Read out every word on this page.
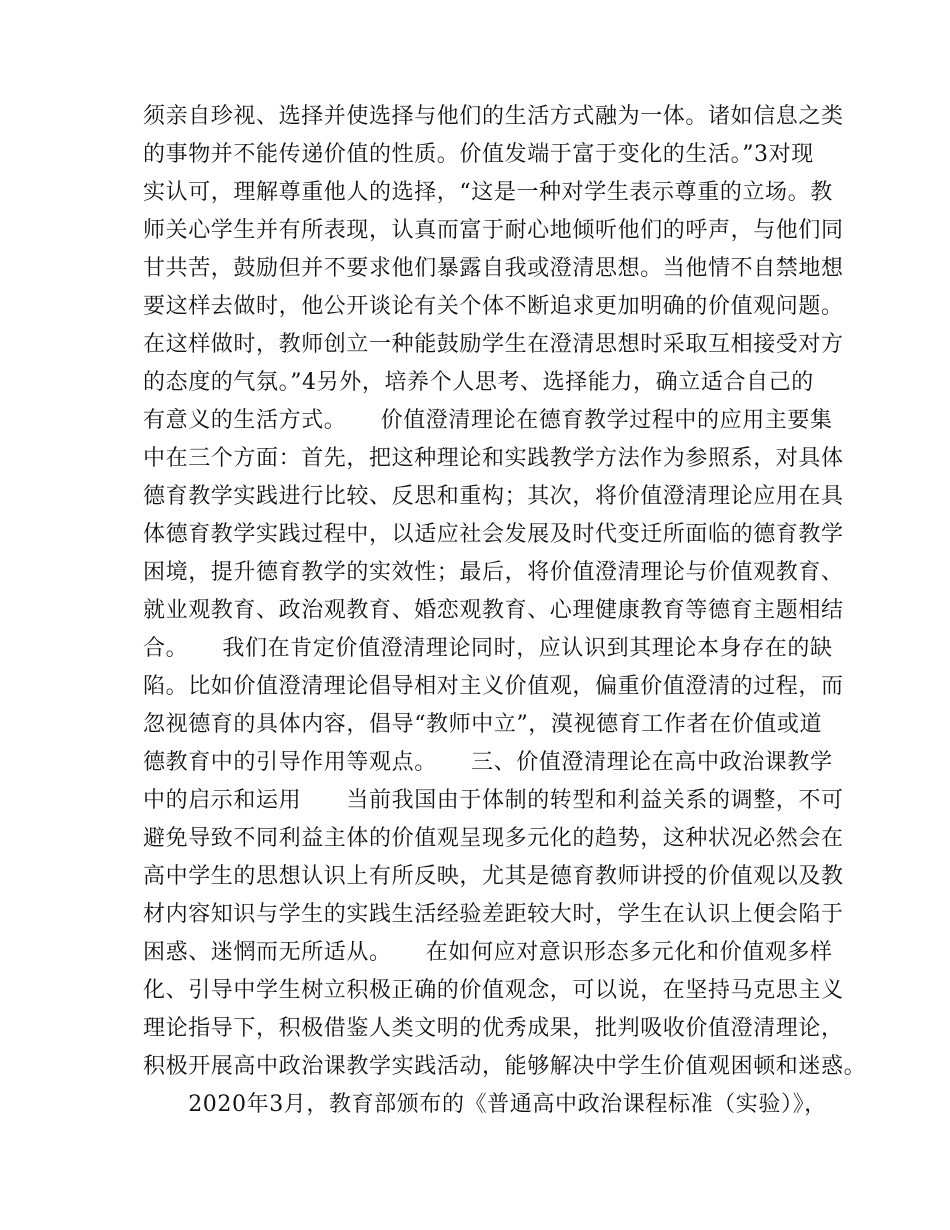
须亲自珍视、选择并使选择与他们的生活方式融为一体。诸如信息之类
的事物并不能传递价值的性质。价值发端于富于变化的生活。”3对现
实认可，理解尊重他人的选择，“这是一种对学生表示尊重的立场。教
师关心学生并有所表现，认真而富于耐心地倾听他们的呼声，与他们同
甘共苦，鼓励但并不要求他们暴露自我或澄清思想。当他情不自禁地想
要这样去做时，他公开谈论有关个体不断追求更加明确的价值观问题。
在这样做时，教师创立一种能鼓励学生在澄清思想时采取互相接受对方
的态度的气氛。”4另外，培养个人思考、选择能力，确立适合自己的
有意义的生活方式。　　价值澄清理论在德育教学过程中的应用主要集
中在三个方面：首先，把这种理论和实践教学方法作为参照系，对具体
德育教学实践进行比较、反思和重构；其次，将价值澄清理论应用在具
体德育教学实践过程中，以适应社会发展及时代变迁所面临的德育教学
困境，提升德育教学的实效性；最后，将价值澄清理论与价值观教育、
就业观教育、政治观教育、婚恋观教育、心理健康教育等德育主题相结
合。　　我们在肯定价值澄清理论同时，应认识到其理论本身存在的缺
陷。比如价值澄清理论倡导相对主义价值观，偏重价值澄清的过程，而
忽视德育的具体内容，倡导“教师中立”，漠视德育工作者在价值或道
德教育中的引导作用等观点。　　三、价值澄清理论在高中政治课教学
中的启示和运用　　当前我国由于体制的转型和利益关系的调整，不可
避免导致不同利益主体的价值观呈现多元化的趋势，这种状况必然会在
高中学生的思想认识上有所反映，尤其是德育教师讲授的价值观以及教
材内容知识与学生的实践生活经验差距较大时，学生在认识上便会陷于
困惑、迷惘而无所适从。　　在如何应对意识形态多元化和价值观多样
化、引导中学生树立积极正确的价值观念，可以说，在坚持马克思主义
理论指导下，积极借鉴人类文明的优秀成果，批判吸收价值澄清理论，
积极开展高中政治课教学实践活动，能够解决中学生价值观困顿和迷惑。
　　2020年3月，教育部颁布的《普通高中政治课程标准（实验）》，
